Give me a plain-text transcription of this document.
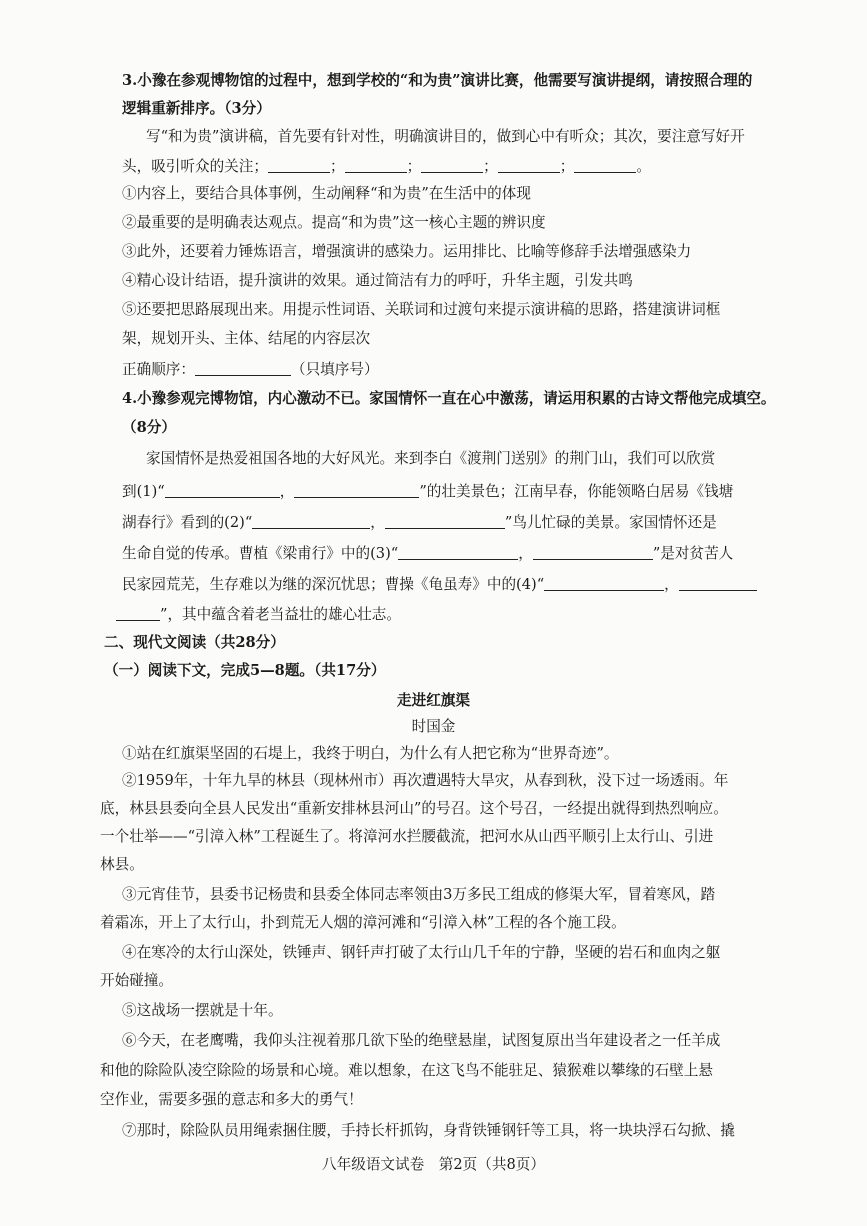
3.小豫在参观博物馆的过程中，想到学校的“和为贵”演讲比赛，他需要写演讲提纲，请按照合理的
逻辑重新排序。（3分）
写“和为贵”演讲稿，首先要有针对性，明确演讲目的，做到心中有听众；其次，要注意写好开
头，吸引听众的关注；	；	；	；	；	。
①内容上，要结合具体事例，生动阐释“和为贵”在生活中的体现
②最重要的是明确表达观点。提高“和为贵”这一核心主题的辨识度
③此外，还要着力锤炼语言，增强演讲的感染力。运用排比、比喻等修辞手法增强感染力
④精心设计结语，提升演讲的效果。通过简洁有力的呼吁，升华主题，引发共鸣
⑤还要把思路展现出来。用提示性词语、关联词和过渡句来提示演讲稿的思路，搭建演讲词框
架，规划开头、主体、结尾的内容层次
正确顺序：	（只填序号）
4.小豫参观完博物馆，内心激动不已。家国情怀一直在心中激荡，请运用积累的古诗文帮他完成填空。
（8分）
家国情怀是热爱祖国各地的大好风光。来到李白《渡荆门送别》的荆门山，我们可以欣赏
到(1)“	，	”的壮美景色；江南早春，你能领略白居易《钱塘
湖春行》看到的(2)“	，	”鸟儿忙碌的美景。家国情怀还是
生命自觉的传承。曹植《梁甫行》中的(3)“	，	”是对贫苦人
民家园荒芜，生存难以为继的深沉忧思；曹操《龟虽寿》中的(4)“	，
”，其中蕴含着老当益壮的雄心壮志。
二、现代文阅读（共28分）
（一）阅读下文，完成5—8题。（共17分）
走进红旗渠
时国金
①站在红旗渠坚固的石堤上，我终于明白，为什么有人把它称为“世界奇迹”。
②1959年，十年九旱的林县（现林州市）再次遭遇特大旱灾，从春到秋，没下过一场透雨。年
底，林县县委向全县人民发出“重新安排林县河山”的号召。这个号召，一经提出就得到热烈响应。
一个壮举——“引漳入林”工程诞生了。将漳河水拦腰截流，把河水从山西平顺引上太行山、引进
林县。
③元宵佳节，县委书记杨贵和县委全体同志率领由3万多民工组成的修渠大军，冒着寒风，踏
着霜冻，开上了太行山，扑到荒无人烟的漳河滩和“引漳入林”工程的各个施工段。
④在寒冷的太行山深处，铁锤声、钢钎声打破了太行山几千年的宁静，坚硬的岩石和血肉之躯
开始碰撞。
⑤这战场一摆就是十年。
⑥今天，在老鹰嘴，我仰头注视着那几欲下坠的绝壁悬崖，试图复原出当年建设者之一任羊成
和他的除险队凌空除险的场景和心境。难以想象，在这飞鸟不能驻足、猿猴难以攀缘的石壁上悬
空作业，需要多强的意志和多大的勇气！
⑦那时，除险队员用绳索捆住腰，手持长杆抓钩，身背铁锤钢钎等工具，将一块块浮石勾掀、撬
八年级语文试卷　第2页（共8页）
